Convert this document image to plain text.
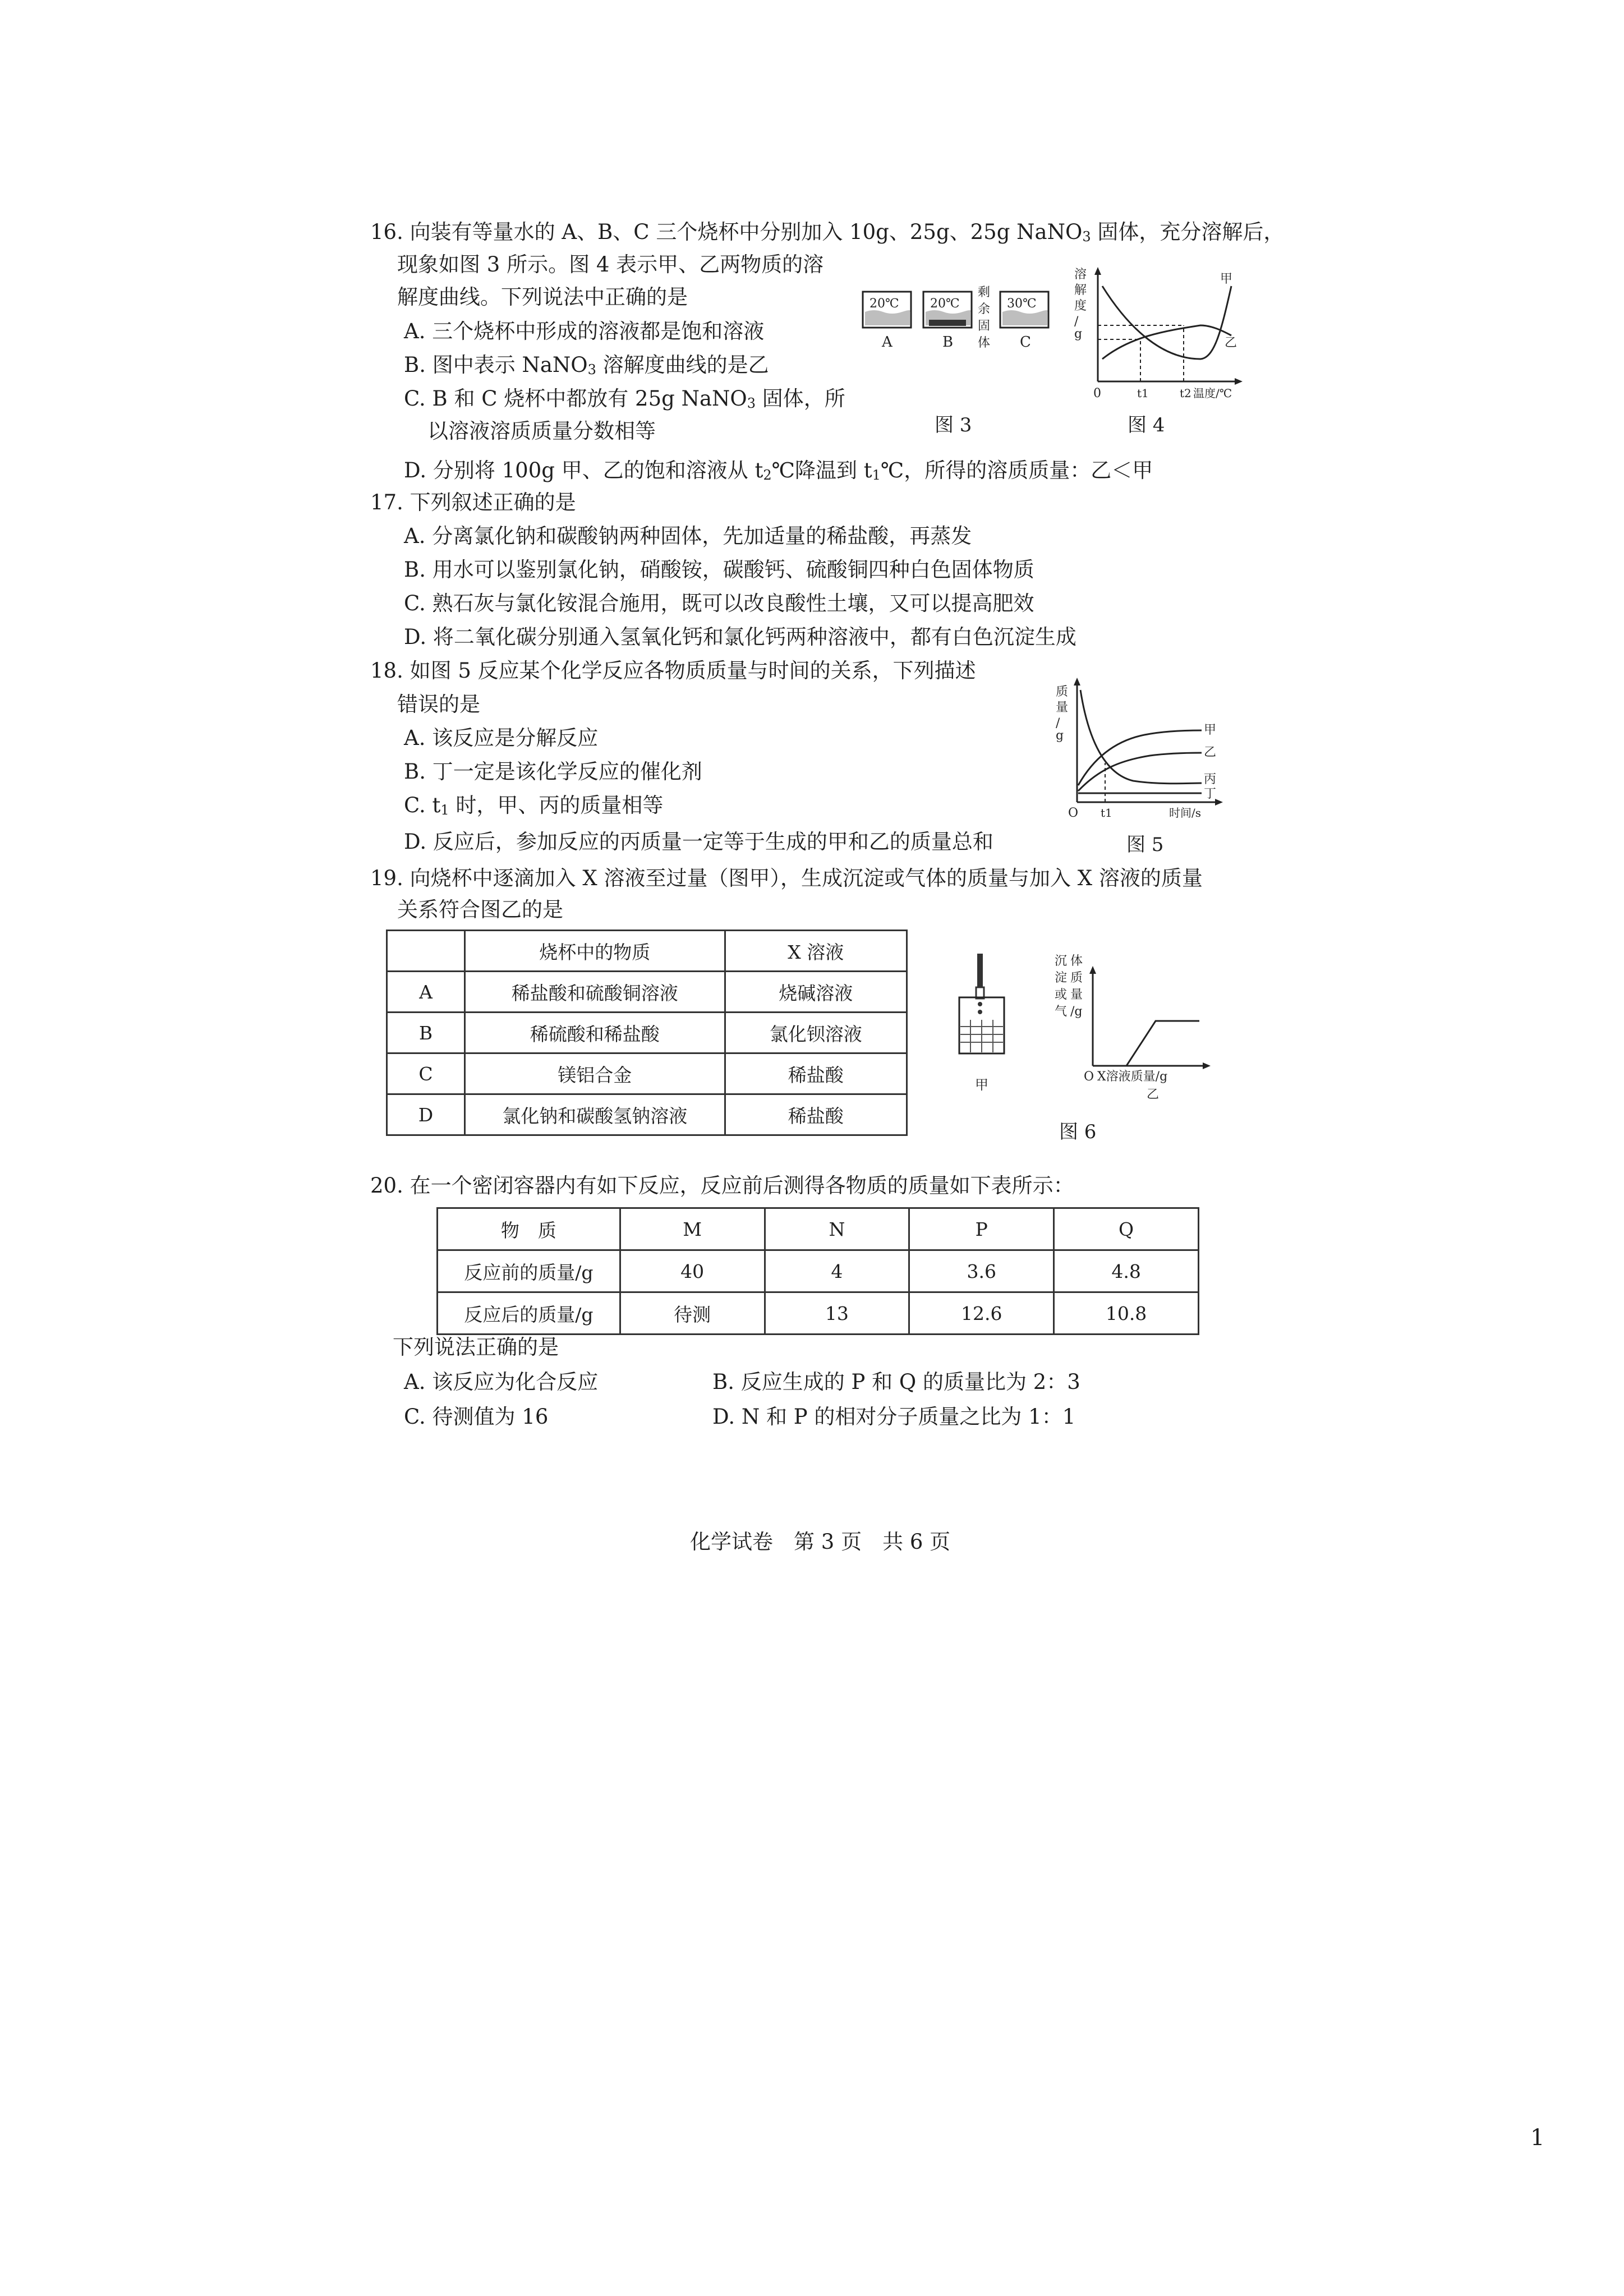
16. 向装有等量水的 A、B、C 三个烧杯中分别加入 10g、25g、25g NaNO3 固体，充分溶解后，
现象如图 3 所示。图 4 表示甲、乙两物质的溶
解度曲线。下列说法中正确的是
A. 三个烧杯中形成的溶液都是饱和溶液
B. 图中表示 NaNO3 溶解度曲线的是乙
C. B 和 C 烧杯中都放有 25g NaNO3 固体，所
以溶液溶质质量分数相等
D. 分别将 100g 甲、乙的饱和溶液从 t2℃降温到 t1℃，所得的溶质质量：乙＜甲
20℃
A
20℃
B
剩
余
固
体
30℃
C
图 3
溶
解
度
/
g
甲
乙
0	t1	t2 温度/℃
图 4
17. 下列叙述正确的是
A. 分离氯化钠和碳酸钠两种固体，先加适量的稀盐酸，再蒸发
B. 用水可以鉴别氯化钠，硝酸铵，碳酸钙、硫酸铜四种白色固体物质
C. 熟石灰与氯化铵混合施用，既可以改良酸性土壤，又可以提高肥效
D. 将二氧化碳分别通入氢氧化钙和氯化钙两种溶液中，都有白色沉淀生成
18. 如图 5 反应某个化学反应各物质质量与时间的关系，下列描述
错误的是
A. 该反应是分解反应
B. 丁一定是该化学反应的催化剂
C. t1 时，甲、丙的质量相等
D. 反应后，参加反应的丙质量一定等于生成的甲和乙的质量总和
质
量
/
g	甲
乙
丙
丁
O t1	时间/s
图 5
19. 向烧杯中逐滴加入 X 溶液至过量（图甲），生成沉淀或气体的质量与加入 X 溶液的质量
关系符合图乙的是
	烧杯中的物质	X 溶液
A	稀盐酸和硫酸铜溶液	烧碱溶液
B	稀硫酸和稀盐酸	氯化钡溶液
C	镁铝合金	稀盐酸
D	氯化钠和碳酸氢钠溶液	稀盐酸
甲
沉 体
淀 质
或 量
气 /g
O X溶液质量/g
乙
图 6
20. 在一个密闭容器内有如下反应，反应前后测得各物质的质量如下表所示：
物　质	M	N	P	Q
反应前的质量/g	40	4	3.6	4.8
反应后的质量/g	待测	13	12.6	10.8
下列说法正确的是
A. 该反应为化合反应	B. 反应生成的 P 和 Q 的质量比为 2：3
C. 待测值为 16	D. N 和 P 的相对分子质量之比为 1：1
化学试卷　第 3 页　共 6 页
1
